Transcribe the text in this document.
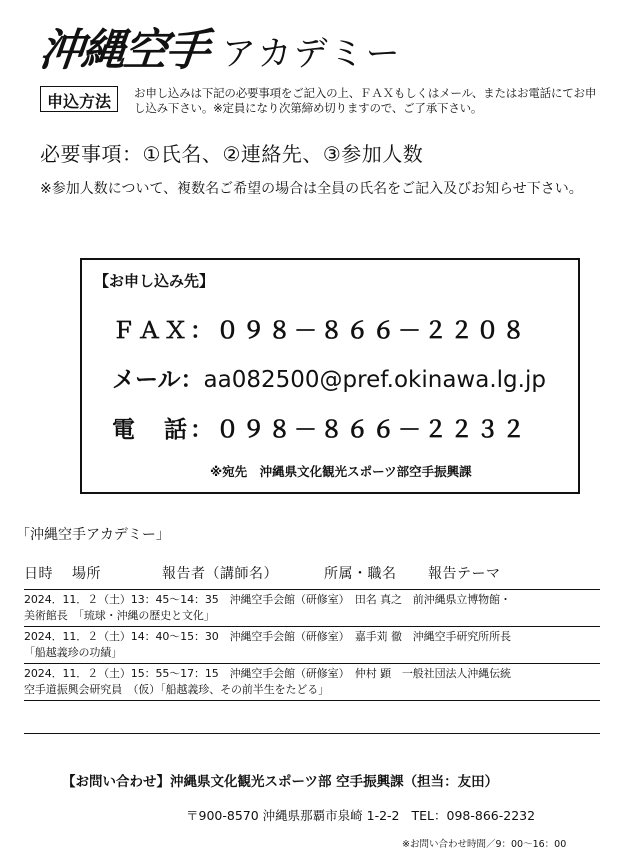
沖縄空手 アカデミー
申込方法	お申し込みは下記の必要事項をご記入の上、ＦＡＸもしくはメール、またはお電話にてお申し込み下さい。※定員になり次第締め切りますので、ご了承下さい。
必要事項：①氏名、②連絡先、③参加人数
※参加人数について、複数名ご希望の場合は全員の氏名をご記入及びお知らせ下さい。
【お申し込み先】
ＦＡＸ：０９８－８６６－２２０８
メール：aa082500@pref.okinawa.lg.jp
電　話：０９８－８６６－２２３２
※宛先　沖縄県文化観光スポーツ部空手振興課
「沖縄空手アカデミー」
日時 場所	報告者（講師名）	所属・職名 報告テーマ
2024．11．２（土）13：45～14：35　沖縄空手会館（研修室）　田名 真之　前沖縄県立博物館・
美術館長　「琉球・沖縄の歴史と文化」
2024．11．２（土）14：40～15：30　沖縄空手会館（研修室）　嘉手苅 徹　沖縄空手研究所所長
「船越義珍の功績」
2024．11．２（土）15：55～17：15　沖縄空手会館（研修室）　仲村 顕　一般社団法人沖縄伝統
空手道振興会研究員　（仮）「船越義珍、その前半生をたどる」
【お問い合わせ】沖縄県文化観光スポーツ部 空手振興課（担当：友田）
〒900-8570 沖縄県那覇市泉崎 1-2-2 TEL：098-866-2232
※お問い合わせ時間／9：00～16：00
